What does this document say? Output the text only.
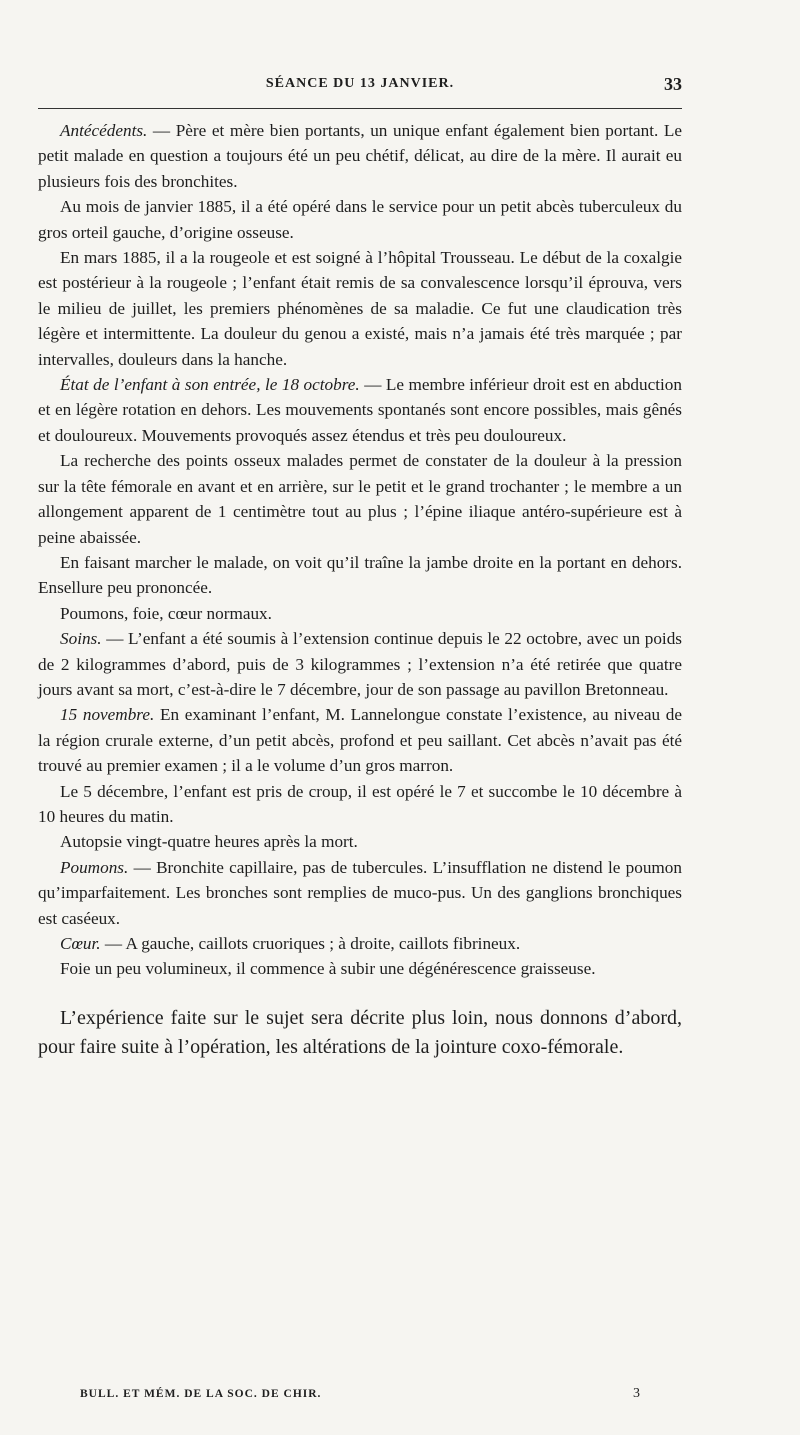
SÉANCE DU 13 JANVIER.	33

Antécédents. — Père et mère bien portants, un unique enfant également bien portant. Le petit malade en question a toujours été un peu chétif, délicat, au dire de la mère. Il aurait eu plusieurs fois des bronchites.

Au mois de janvier 1885, il a été opéré dans le service pour un petit abcès tuberculeux du gros orteil gauche, d’origine osseuse.

En mars 1885, il a la rougeole et est soigné à l’hôpital Trousseau. Le début de la coxalgie est postérieur à la rougeole ; l’enfant était remis de sa convalescence lorsqu’il éprouva, vers le milieu de juillet, les premiers phénomènes de sa maladie. Ce fut une claudication très légère et intermittente. La douleur du genou a existé, mais n’a jamais été très marquée ; par intervalles, douleurs dans la hanche.

État de l’enfant à son entrée, le 18 octobre. — Le membre inférieur droit est en abduction et en légère rotation en dehors. Les mouvements spontanés sont encore possibles, mais gênés et douloureux. Mouvements provoqués assez étendus et très peu douloureux.

La recherche des points osseux malades permet de constater de la douleur à la pression sur la tête fémorale en avant et en arrière, sur le petit et le grand trochanter ; le membre a un allongement apparent de 1 centimètre tout au plus ; l’épine iliaque antéro-supérieure est à peine abaissée.

En faisant marcher le malade, on voit qu’il traîne la jambe droite en la portant en dehors. Ensellure peu prononcée.

Poumons, foie, cœur normaux.

Soins. — L’enfant a été soumis à l’extension continue depuis le 22 octobre, avec un poids de 2 kilogrammes d’abord, puis de 3 kilogrammes ; l’extension n’a été retirée que quatre jours avant sa mort, c’est-à-dire le 7 décembre, jour de son passage au pavillon Bretonneau.

15 novembre. En examinant l’enfant, M. Lannelongue constate l’existence, au niveau de la région crurale externe, d’un petit abcès, profond et peu saillant. Cet abcès n’avait pas été trouvé au premier examen ; il a le volume d’un gros marron.

Le 5 décembre, l’enfant est pris de croup, il est opéré le 7 et succombe le 10 décembre à 10 heures du matin.

Autopsie vingt-quatre heures après la mort.

Poumons. — Bronchite capillaire, pas de tubercules. L’insufflation ne distend le poumon qu’imparfaitement. Les bronches sont remplies de muco-pus. Un des ganglions bronchiques est caséeux.

Cœur. — A gauche, caillots cruoriques ; à droite, caillots fibrineux.

Foie un peu volumineux, il commence à subir une dégénérescence graisseuse.

L’expérience faite sur le sujet sera décrite plus loin, nous donnons d’abord, pour faire suite à l’opération, les altérations de la jointure coxo-fémorale.

BULL. ET MÉM. DE LA SOC. DE CHIR.	3
